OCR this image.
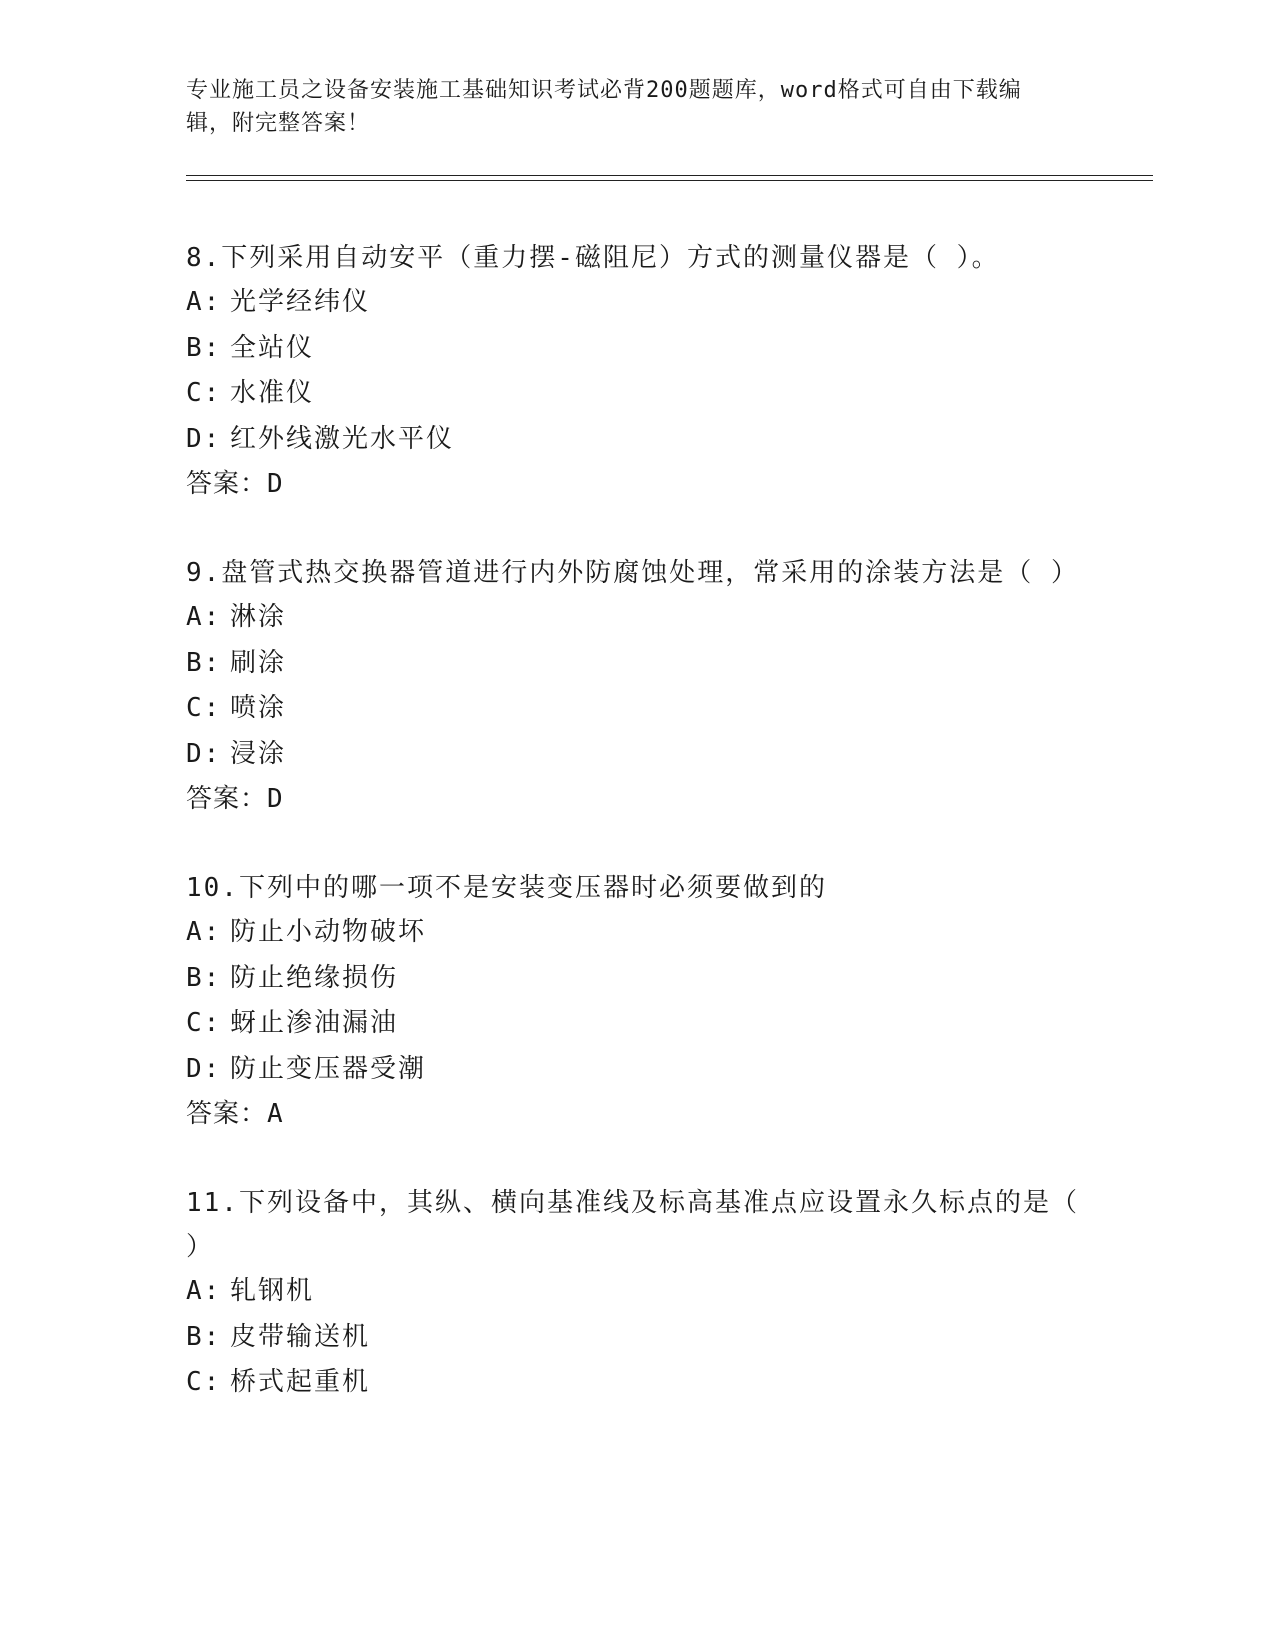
专业施工员之设备安装施工基础知识考试必背200题题库，word格式可自由下载编辑，附完整答案！
8.下列采用自动安平（重力摆-磁阻尼）方式的测量仪器是（ ）。
A: 光学经纬仪
B: 全站仪
C: 水准仪
D: 红外线激光水平仪
答案：D
9.盘管式热交换器管道进行内外防腐蚀处理，常采用的涂装方法是（ ）
A: 淋涂
B: 刷涂
C: 喷涂
D: 浸涂
答案：D
10.下列中的哪一项不是安装变压器时必须要做到的
A: 防止小动物破坏
B: 防止绝缘损伤
C: 蚜止渗油漏油
D: 防止变压器受潮
答案：A
11.下列设备中，其纵、横向基准线及标高基准点应设置永久标点的是（ ）
A: 轧钢机
B: 皮带输送机
C: 桥式起重机
